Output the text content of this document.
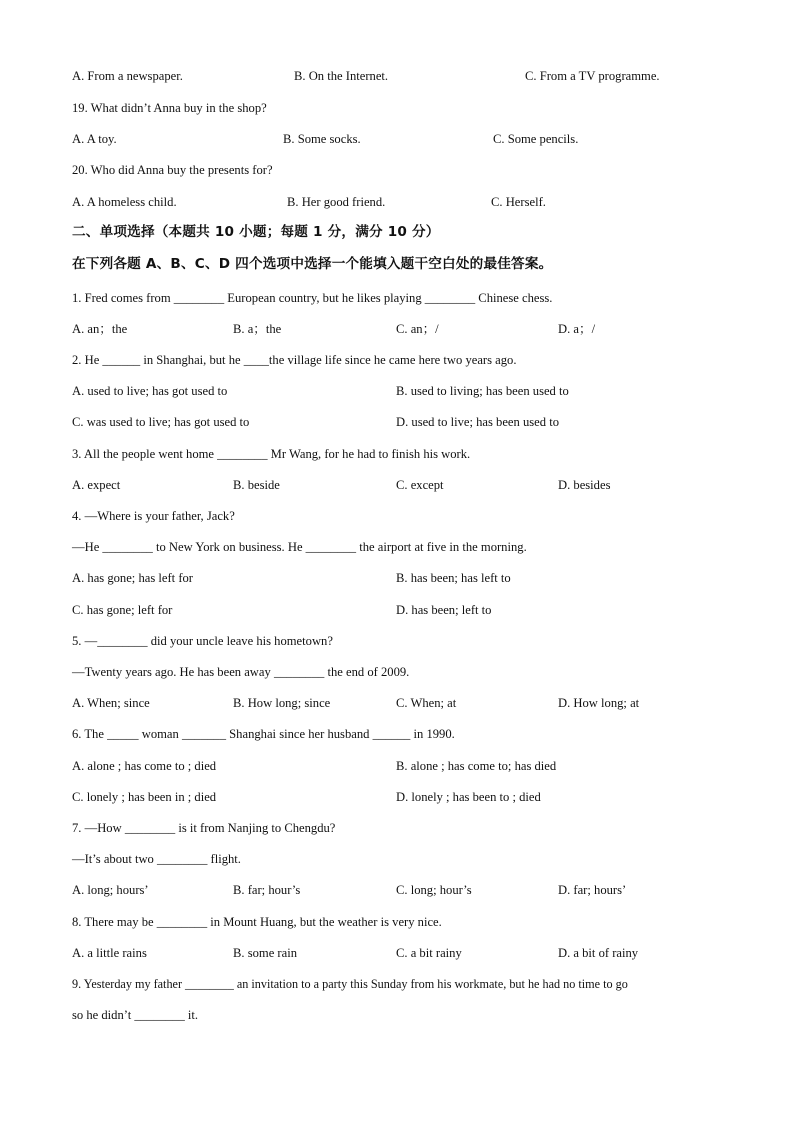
A. From a newspaper.	B. On the Internet.	C. From a TV programme.
19. What didn’t Anna buy in the shop?
A. A toy.	B. Some socks.	C. Some pencils.
20. Who did Anna buy the presents for?
A. A homeless child.	B. Her good friend.	C. Herself.
二、单项选择（本题共 10 小题；每题 1 分，满分 10 分）
在下列各题 A、B、C、D 四个选项中选择一个能填入题干空白处的最佳答案。
1. Fred comes from ________ European country, but he likes playing ________ Chinese chess.
A. an；the	B. a；the	C. an；/	D. a；/
2. He ______ in Shanghai, but he ____the village life since he came here two years ago.
A. used to live; has got used to	B. used to living; has been used to
C. was used to live; has got used to	D. used to live; has been used to
3. All the people went home ________ Mr Wang, for he had to finish his work.
A. expect	B. beside	C. except	D. besides
4. —Where is your father, Jack?
—He ________ to New York on business. He ________ the airport at five in the morning.
A. has gone; has left for	B. has been; has left to
C. has gone; left for	D. has been; left to
5. —________ did your uncle leave his hometown?
—Twenty years ago. He has been away ________ the end of 2009.
A. When; since	B. How long; since	C. When; at	D. How long; at
6. The _____ woman _______ Shanghai since her husband ______ in 1990.
A. alone ; has come to ; died	B. alone ; has come to; has died
C. lonely ; has been in ; died	D. lonely ; has been to ; died
7. —How ________ is it from Nanjing to Chengdu?
—It’s about two ________ flight.
A. long; hours’	B. far; hour’s	C. long; hour’s	D. far; hours’
8. There may be ________ in Mount Huang, but the weather is very nice.
A. a little rains	B. some rain	C. a bit rainy	D. a bit of rainy
9. Yesterday my father ________ an invitation to a party this Sunday from his workmate, but he had no time to go
so he didn’t ________ it.
